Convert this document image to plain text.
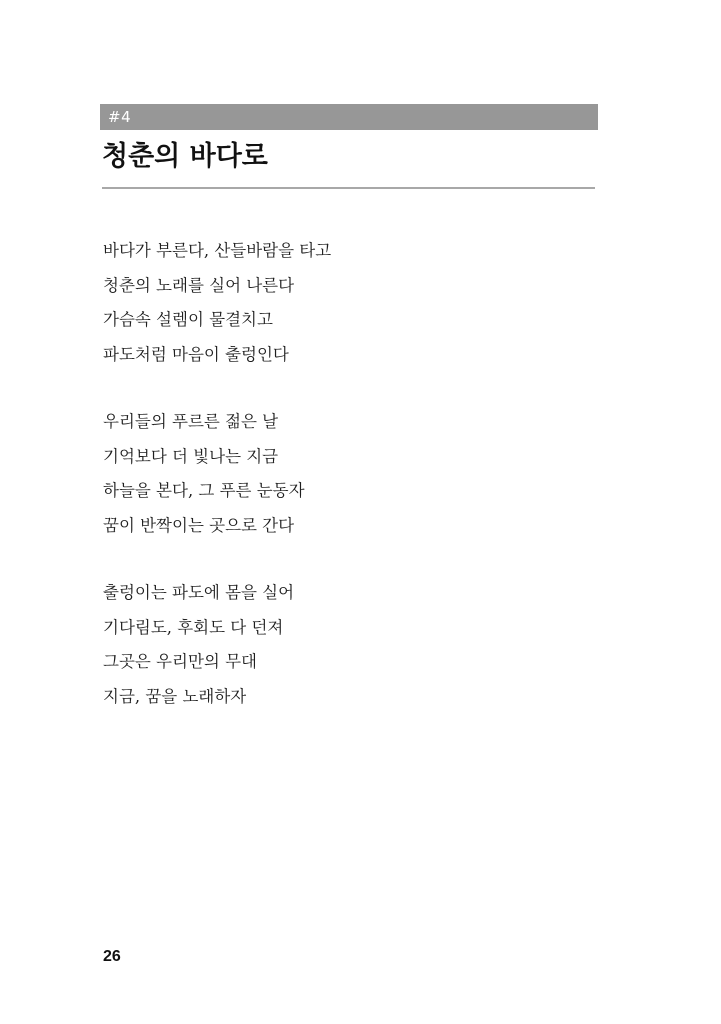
#4
청춘의 바다로

바다가 부른다, 산들바람을 타고
청춘의 노래를 실어 나른다
가슴속 설렘이 물결치고
파도처럼 마음이 출렁인다

우리들의 푸르른 젊은 날
기억보다 더 빛나는 지금
하늘을 본다, 그 푸른 눈동자
꿈이 반짝이는 곳으로 간다

출렁이는 파도에 몸을 실어
기다림도, 후회도 다 던져
그곳은 우리만의 무대
지금, 꿈을 노래하자

26
